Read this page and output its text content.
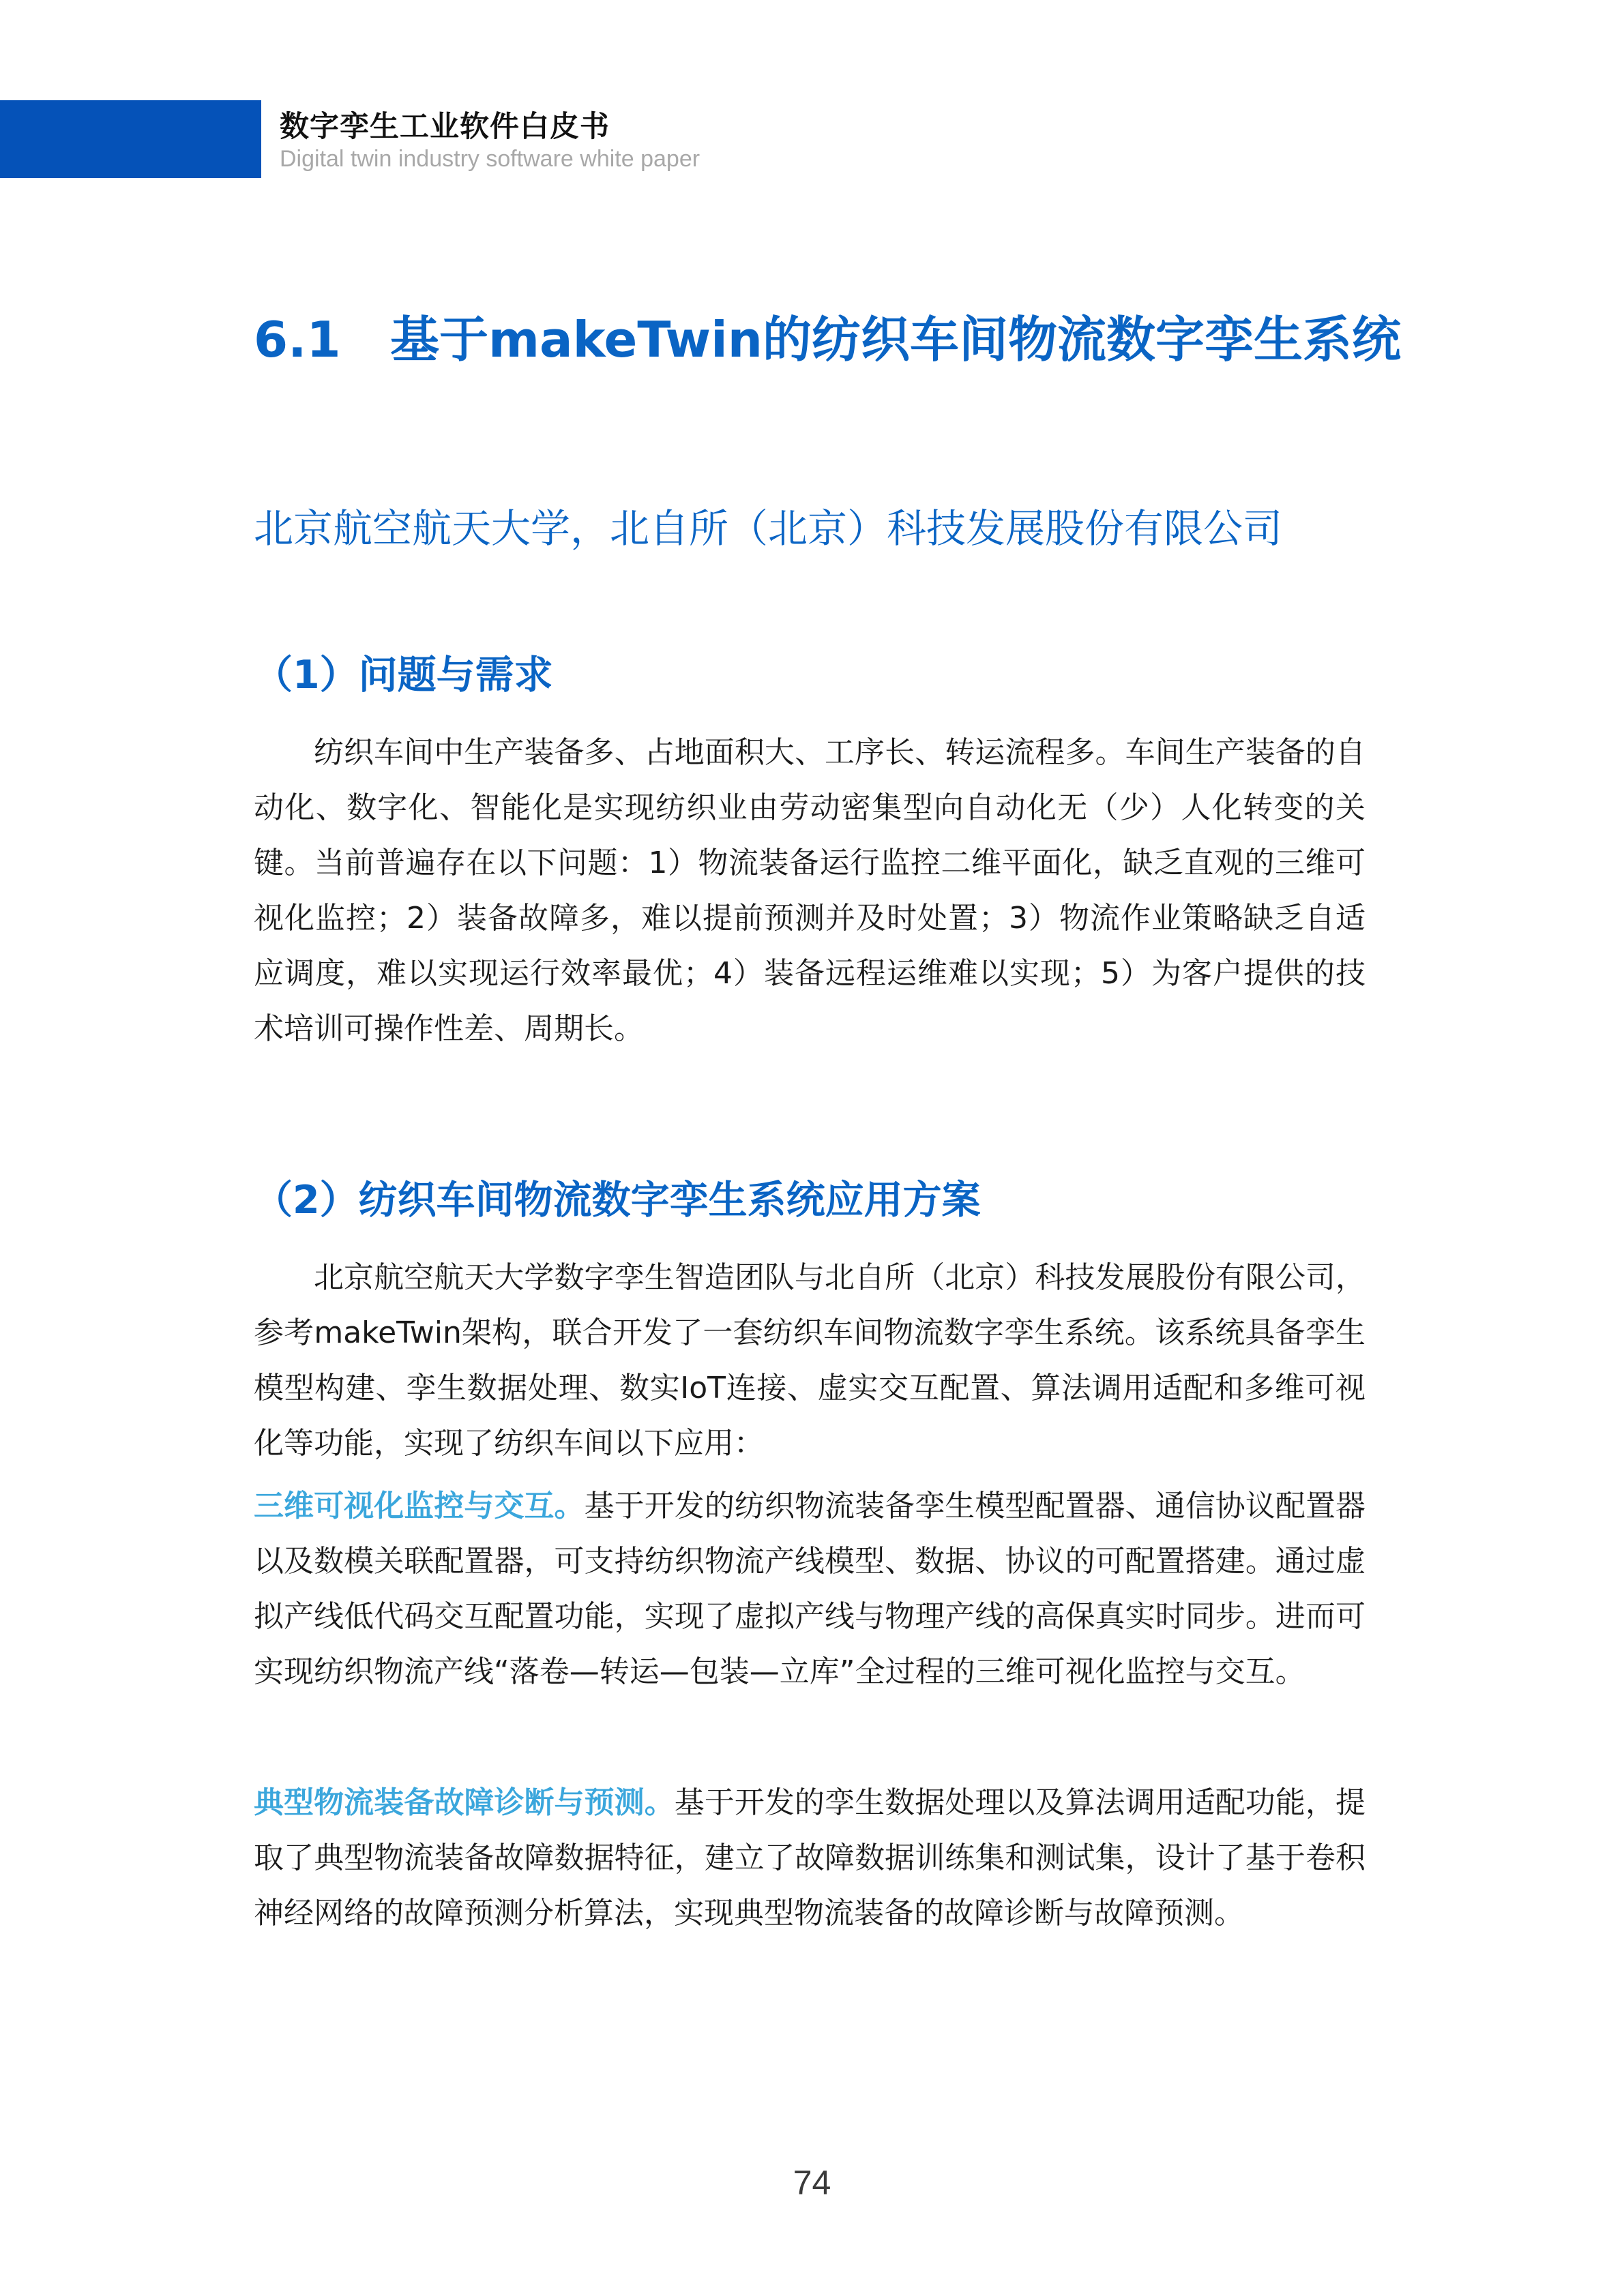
数字孪生工业软件白皮书
Digital twin industry software white paper
6.1 基于makeTwin的纺织车间物流数字孪生系统
北京航空航天大学，北自所（北京）科技发展股份有限公司
（1）问题与需求
纺织车间中生产装备多、占地面积大、工序长、转运流程多。车间生产装备的自动化、数字化、智能化是实现纺织业由劳动密集型向自动化无（少）人化转变的关键。当前普遍存在以下问题：1）物流装备运行监控二维平面化，缺乏直观的三维可视化监控；2）装备故障多，难以提前预测并及时处置；3）物流作业策略缺乏自适应调度，难以实现运行效率最优；4）装备远程运维难以实现；5）为客户提供的技术培训可操作性差、周期长。
（2）纺织车间物流数字孪生系统应用方案
北京航空航天大学数字孪生智造团队与北自所（北京）科技发展股份有限公司，参考makeTwin架构，联合开发了一套纺织车间物流数字孪生系统。该系统具备孪生模型构建、孪生数据处理、数实IoT连接、虚实交互配置、算法调用适配和多维可视化等功能，实现了纺织车间以下应用：
三维可视化监控与交互。基于开发的纺织物流装备孪生模型配置器、通信协议配置器以及数模关联配置器，可支持纺织物流产线模型、数据、协议的可配置搭建。通过虚拟产线低代码交互配置功能，实现了虚拟产线与物理产线的高保真实时同步。进而可实现纺织物流产线“落卷—转运—包装—立库”全过程的三维可视化监控与交互。
典型物流装备故障诊断与预测。基于开发的孪生数据处理以及算法调用适配功能，提取了典型物流装备故障数据特征，建立了故障数据训练集和测试集，设计了基于卷积神经网络的故障预测分析算法，实现典型物流装备的故障诊断与故障预测。
74
